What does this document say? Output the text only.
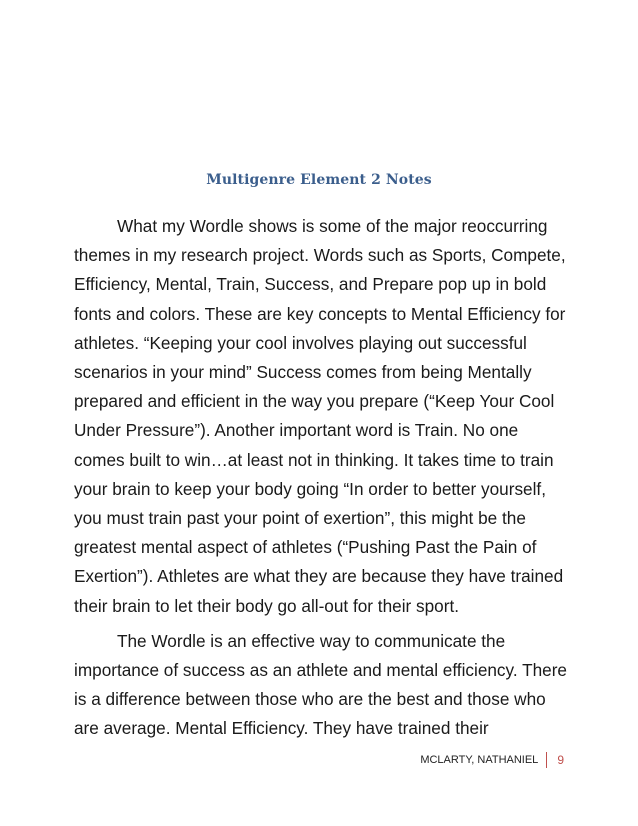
Multigenre Element 2 Notes

What my Wordle shows is some of the major reoccurring themes in my research project. Words such as Sports, Compete, Efficiency, Mental, Train, Success, and Prepare pop up in bold fonts and colors. These are key concepts to Mental Efficiency for athletes. “Keeping your cool involves playing out successful scenarios in your mind” Success comes from being Mentally prepared and efficient in the way you prepare (“Keep Your Cool Under Pressure”). Another important word is Train. No one comes built to win…at least not in thinking. It takes time to train your brain to keep your body going “In order to better yourself, you must train past your point of exertion”, this might be the greatest mental aspect of athletes (“Pushing Past the Pain of Exertion”). Athletes are what they are because they have trained their brain to let their body go all-out for their sport.

The Wordle is an effective way to communicate the importance of success as an athlete and mental efficiency. There is a difference between those who are the best and those who are average. Mental Efficiency. They have trained their

MCLARTY, NATHANIEL	9
